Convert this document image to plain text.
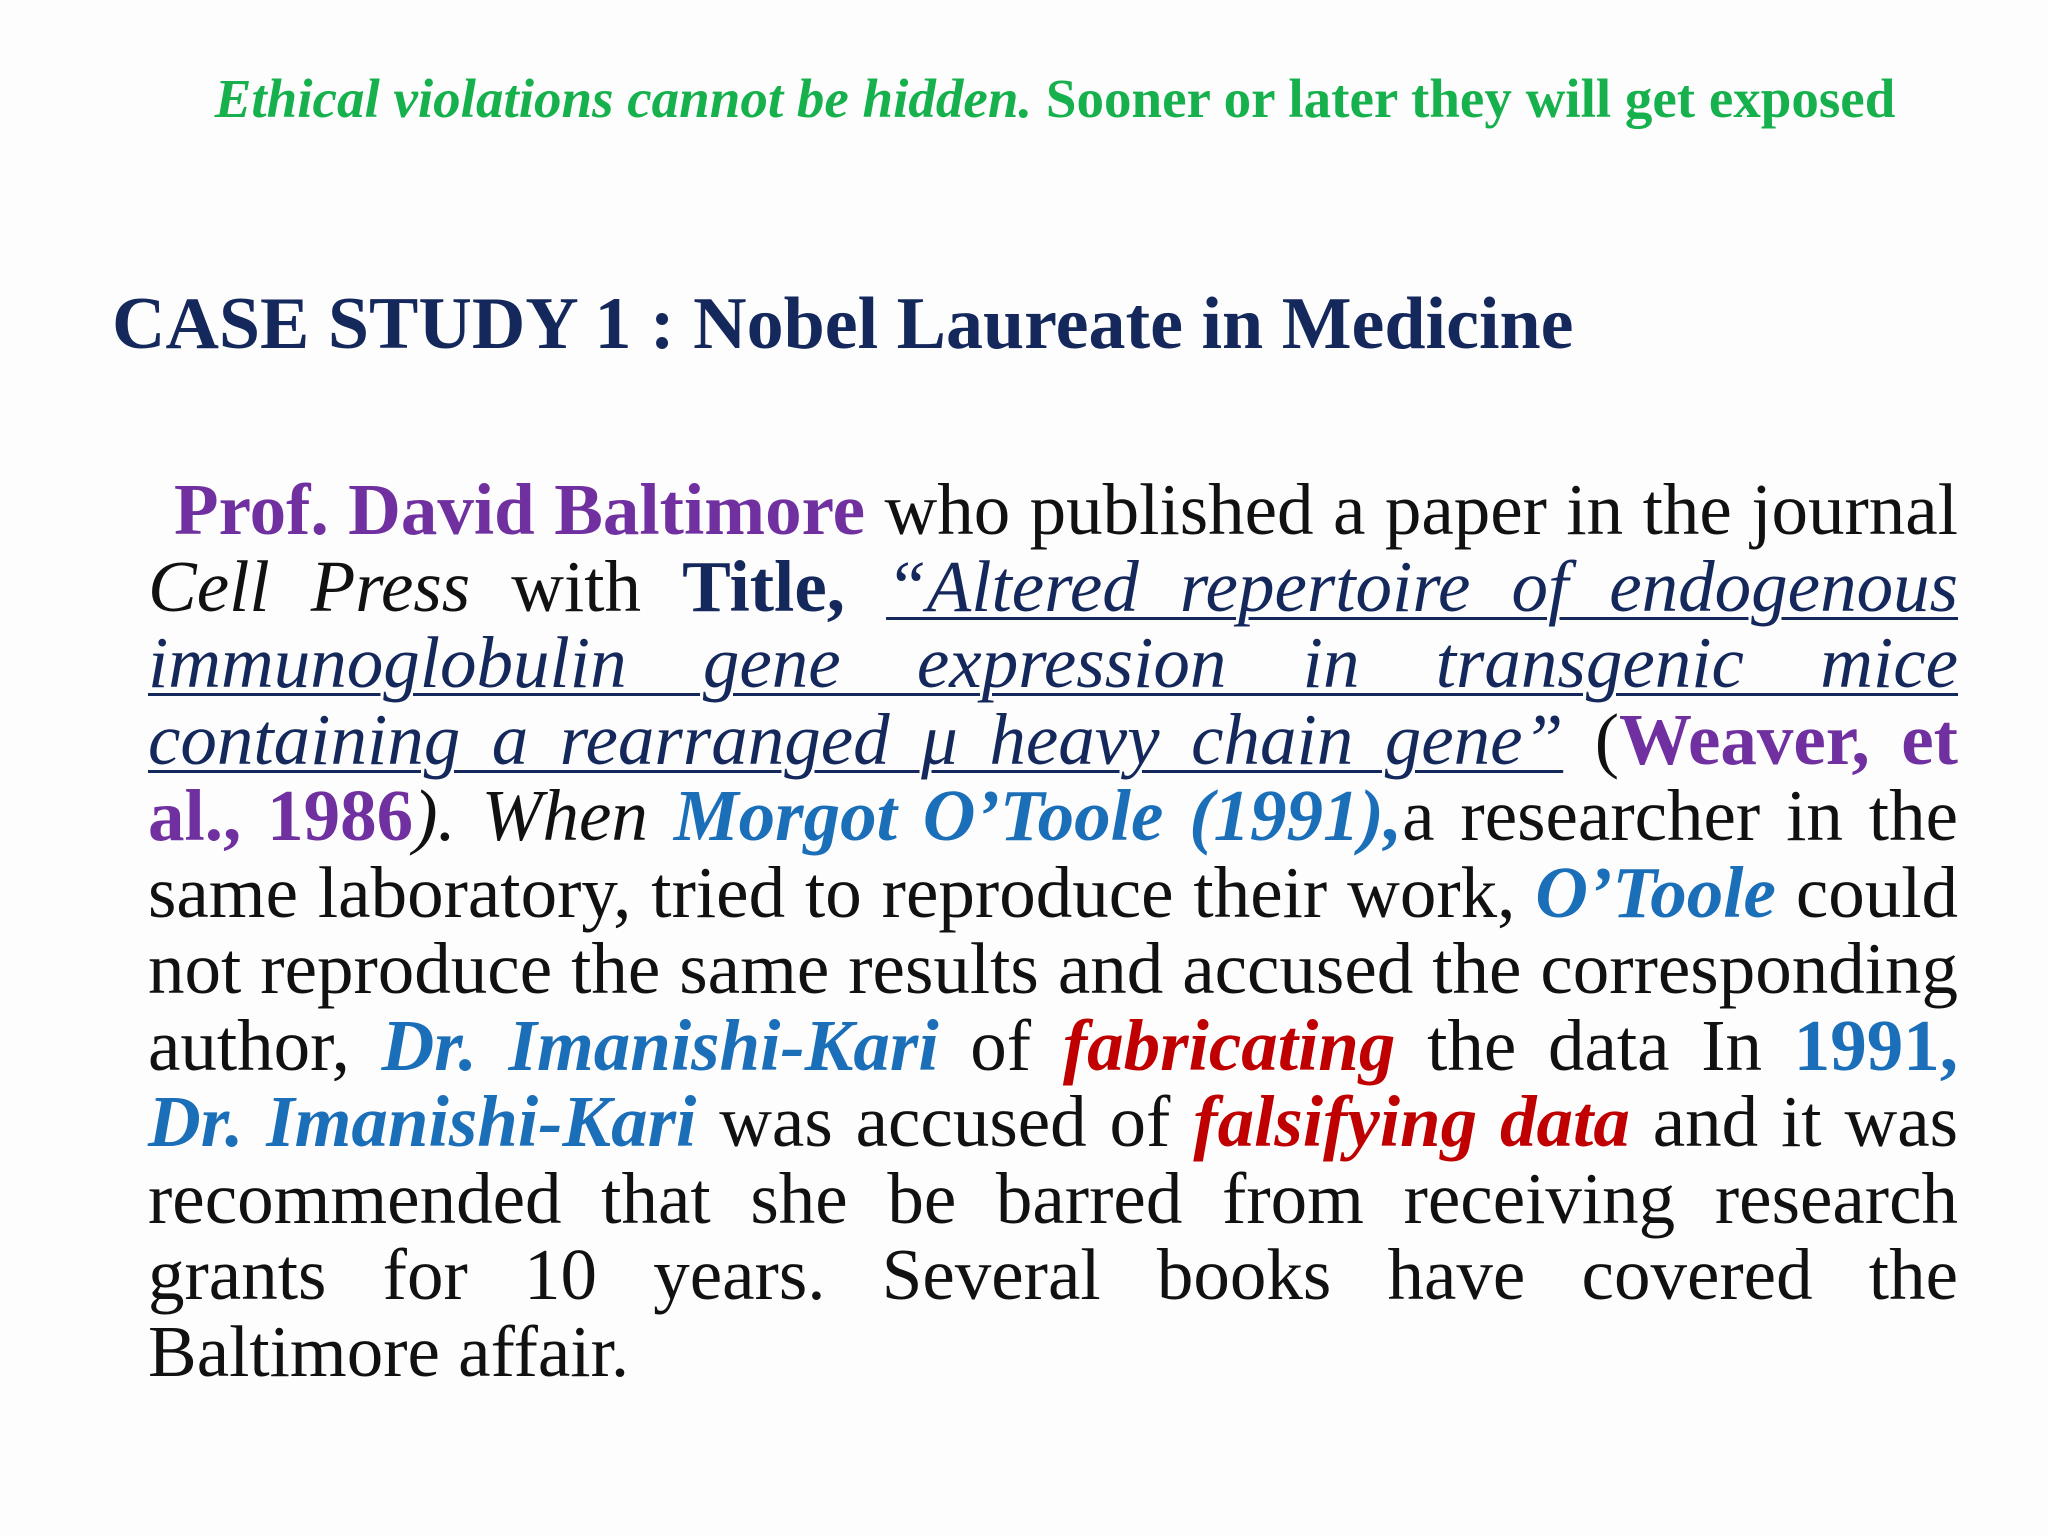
Ethical violations cannot be hidden. Sooner or later they will get exposed
CASE STUDY 1 : Nobel Laureate in Medicine
Prof. David Baltimore who published a paper in the journal Cell Press with Title, “Altered repertoire of endogenous immunoglobulin gene expression in transgenic mice containing a rearranged μ heavy chain gene” (Weaver, et al., 1986). When Morgot O’Toole (1991),a researcher in the same laboratory, tried to reproduce their work, O’Toole could not reproduce the same results and accused the corresponding author, Dr. Imanishi-Kari of fabricating the data In 1991, Dr. Imanishi-Kari was accused of falsifying data and it was recommended that she be barred from receiving research grants for 10 years. Several books have covered the Baltimore affair.
